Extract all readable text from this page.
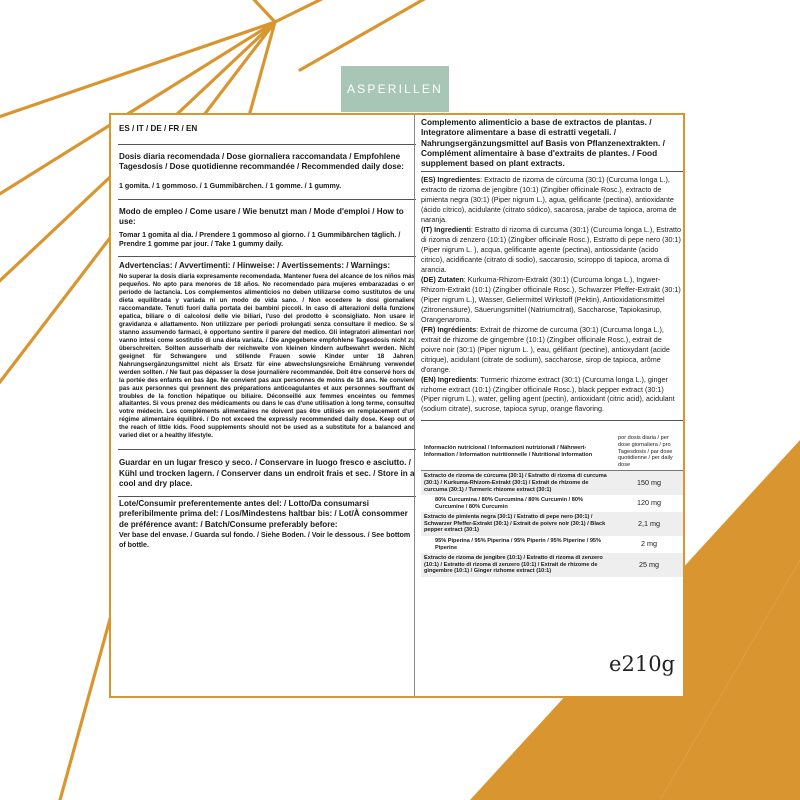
ASPERILLEN
ES / IT / DE / FR / EN
Dosis diaria recomendada / Dose giornaliera raccomandata / Empfohlene Tagesdosis / Dose quotidienne recommandée / Recommended daily dose:
1 gomita. / 1 gommoso. / 1 Gummibärchen. / 1 gomme. / 1 gummy.
Modo de empleo / Come usare / Wie benutzt man / Mode d'emploi / How to use:
Tomar 1 gomita al dia. / Prendere 1 gommoso al giorno. / 1 Gummibärchen täglich. / Prendre 1 gomme par jour. / Take 1 gummy daily.
Advertencias: / Avvertimenti: / Hinweise: / Avertissements: / Warnings:
No superar la dosis diaria expresamente recomendada. Mantener fuera del alcance de los niños más pequeños. No apto para menores de 18 años. No recomendado para mujeres embarazadas o en periodo de lactancia. Los complementos alimenticios no deben utilizarse como sustitutos de una dieta equilibrada y variada ni un modo de vida sano. / Non eccedere le dosi giornaliere raccomandate. Tenuti fuori dalla portata dei bambini piccoli. In caso di alterazioni della funzione epatica, biliare o di calcolosi delle vie biliari, l'uso del prodotto è sconsigliato. Non usare in gravidanza e allattamento. Non utilizzare per periodi prolungati senza consultare il medico. Se si stanno assumendo farmaci, è opportuno sentire il parere del medico. Gli integratori alimentari non vanno intesi come sostitutio di una dieta variata. / Die angegebene empfohlene Tagesdosis nicht zu überschreiten. Sollten ausserhalb der reichweite von kleinen kindern aufbewahrt werden. Nicht geeignet für Schwangere und stillende Frauen sowie Kinder unter 18 Jahren. Nahrungsergänzungsmittel nicht als Ersatz für eine abwechslungsreiche Ernährung verwendet werden sollten. / Ne faut pas dépasser la dose journalière recommandée. Doit être conservé hors de la portée des enfants en bas âge. Ne convient pas aux personnes de moins de 18 ans. Ne convient pas aux personnes qui prennent des préparations anticoagulantes et aux personnes souffrant de troubles de la fonction hépatique ou biliaire. Déconseillé aux femmes enceintes ou femmes allaitantes. Si vous prenez des médicaments ou dans le cas d'une utilisation à long terme, consultez votre médecin. Les compléments alimentaires ne doivent pas être utilisés en remplacement d'un régime alimentaire équilibré. / Do not exceed the expressly recommended daily dose. Keep out of the reach of little kids. Food supplements should not be used as a substitute for a balanced and varied diet or a healthy lifestyle.
Guardar en un lugar fresco y seco. / Conservare in luogo fresco e asciutto. / Kühl und trocken lagern. / Conserver dans un endroit frais et sec. / Store in a cool and dry place.
Lote/Consumir preferentemente antes del: / Lotto/Da consumarsi preferibilmente prima del: / Los/Mindestens haltbar bis: / Lot/À consommer de préférence avant: / Batch/Consume preferably before:
Ver base del envase. / Guarda sul fondo. / Siehe Boden. / Voir le dessous. / See bottom of bottle.
Complemento alimenticio a base de extractos de plantas. / Integratore alimentare a base di estratti vegetali. / Nahrungsergänzungsmittel auf Basis von Pflanzenextrakten. / Complément alimentaire à base d'extraits de plantes. / Food supplement based on plant extracts.
(ES) Ingredientes: Extracto de rizoma de cúrcuma (30:1) (Curcuma longa L.), extracto de rizoma de jengibre (10:1) (Zingiber officinale Rosc.), extracto de pimienta negra (30:1) (Piper nigrum L.), agua, gelificante (pectina), antioxidante (ácido cítrico), acidulante (citrato sódico), sacarosa, jarabe de tapioca, aroma de naranja.
(IT) Ingredienti: Estratto di rizoma di curcuma (30:1) (Curcuma longa L.), Estratto di rizoma di zenzero (10:1) (Zingiber officinale Rosc.), Estratto di pepe nero (30:1) (Piper nigrum L. ), acqua, gelificante agente (pectina), antiossidante (acido citrico), acidificante (citrato di sodio), saccarosio, sciroppo di tapioca, aroma di arancia.
(DE) Zutaten: Kurkuma-Rhizom-Extrakt (30:1) (Curcuma longa L.), Ingwer-Rhizom-Extrakt (10:1) (Zingiber officinale Rosc.), Schwarzer Pfeffer-Extrakt (30:1) (Piper nigrum L.), Wasser, Geliermittel Wirkstoff (Pektin), Antioxidationsmittel (Zitronensäure), Säuerungsmittel (Natriumcitrat), Saccharose, Tapiokasirup, Orangenaroma.
(FR) Ingrédients: Extrait de rhizome de curcuma (30:1) (Curcuma longa L.), extrait de rhizome de gingembre (10:1) (Zingiber officinale Rosc.), extrait de poivre noir (30:1) (Piper nigrum L. ), eau, gélifiant (pectine), antioxydant (acide citrique), acidulant (citrate de sodium), saccharose, sirop de tapioca, arôme d'orange.
(EN) Ingredients: Turmeric rhizome extract (30:1) (Curcuma longa L.), ginger rizhome extract (10:1) (Zingiber officinale Rosc.), black pepper extract (30:1) (Piper nigrum L.), water, gelling agent (pectin), antioxidant (citric acid), acidulant (sodium citrate), sucrose, tapioca syrup, orange flavoring.
Información nutricional / Informazioni nutrizionali / Nährwert-Information / Information nutritionnelle / Nutritional information	por dosis diaria / per dose giornaliera / pro Tagesdosis / par dose quotidienne / per daily dose
Extracto de rizoma de cúrcuma (30:1) / Estratto di rizoma di curcuma (30:1) / Kurkuma-Rhizom-Extrakt (30:1) / Extrait de rhizome de curcuma (30:1) / Turmeric rhizome extract (30:1)	150 mg
80% Curcumina / 80% Curcumina / 80% Curcumin / 80% Curcumine / 80% Curcumin	120 mg
Extracto de pimienta negra (30:1) / Estratto di pepe nero (30:1) / Schwarzer Pfeffer-Extrakt (30:1) / Extrait de poivre noir (30:1) / Black pepper extract (30:1)	2,1 mg
95% Piperina / 95% Piperina / 95% Piperin / 95% Piperine / 95% Piperine	2 mg
Extracto de rizoma de jengibre (10:1) / Estratto di rizoma di zenzero (10:1) / Estratto di rizoma di zenzero (10:1) / Extrait de rhizome de gingembre (10:1) / Ginger rizhome extract (10:1)	25 mg
e210g
